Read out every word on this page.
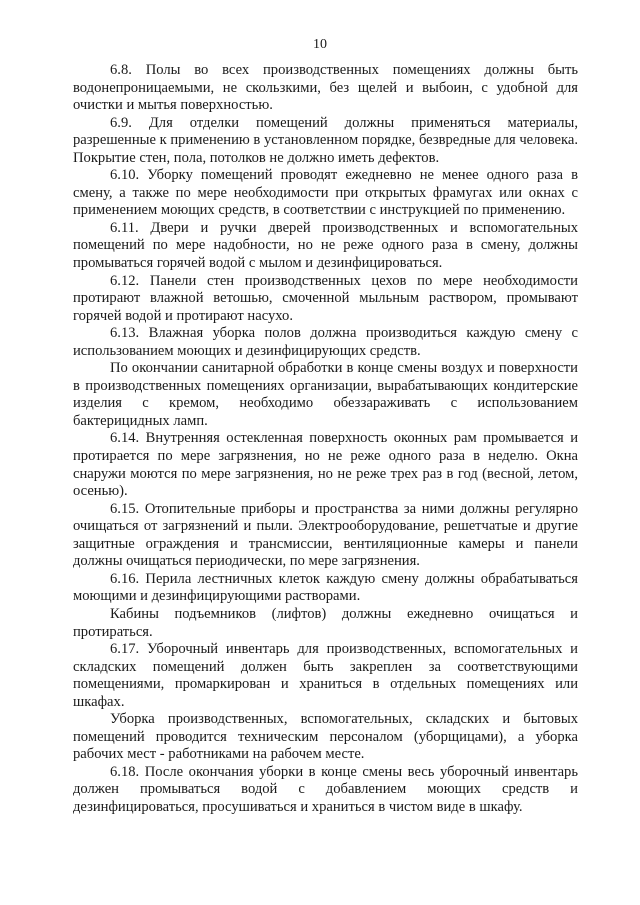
10

6.8. Полы во всех производственных помещениях должны быть водонепроницаемыми, не скользкими, без щелей и выбоин, с удобной для очистки и мытья поверхностью.

6.9. Для отделки помещений должны применяться материалы, разрешенные к применению в установленном порядке, безвредные для человека. Покрытие стен, пола, потолков не должно иметь дефектов.

6.10. Уборку помещений проводят ежедневно не менее одного раза в смену, а также по мере необходимости при открытых фрамугах или окнах с применением моющих средств, в соответствии с инструкцией по применению.

6.11. Двери и ручки дверей производственных и вспомогательных помещений по мере надобности, но не реже одного раза в смену, должны промываться горячей водой с мылом и дезинфицироваться.

6.12. Панели стен производственных цехов по мере необходимости протирают влажной ветошью, смоченной мыльным раствором, промывают горячей водой и протирают насухо.

6.13. Влажная уборка полов должна производиться каждую смену с использованием моющих и дезинфицирующих средств.

По окончании санитарной обработки в конце смены воздух и поверхности в производственных помещениях организации, вырабатывающих кондитерские изделия с кремом, необходимо обеззараживать с использованием бактерицидных ламп.

6.14. Внутренняя остекленная поверхность оконных рам промывается и протирается по мере загрязнения, но не реже одного раза в неделю. Окна снаружи моются по мере загрязнения, но не реже трех раз в год (весной, летом, осенью).

6.15. Отопительные приборы и пространства за ними должны регулярно очищаться от загрязнений и пыли. Электрооборудование, решетчатые и другие защитные ограждения и трансмиссии, вентиляционные камеры и панели должны очищаться периодически, по мере загрязнения.

6.16. Перила лестничных клеток каждую смену должны обрабатываться моющими и дезинфицирующими растворами.

Кабины подъемников (лифтов) должны ежедневно очищаться и протираться.

6.17. Уборочный инвентарь для производственных, вспомогательных и складских помещений должен быть закреплен за соответствующими помещениями, промаркирован и храниться в отдельных помещениях или шкафах.

Уборка производственных, вспомогательных, складских и бытовых помещений проводится техническим персоналом (уборщицами), а уборка рабочих мест - работниками на рабочем месте.

6.18. После окончания уборки в конце смены весь уборочный инвентарь должен промываться водой с добавлением моющих средств и дезинфицироваться, просушиваться и храниться в чистом виде в шкафу.
